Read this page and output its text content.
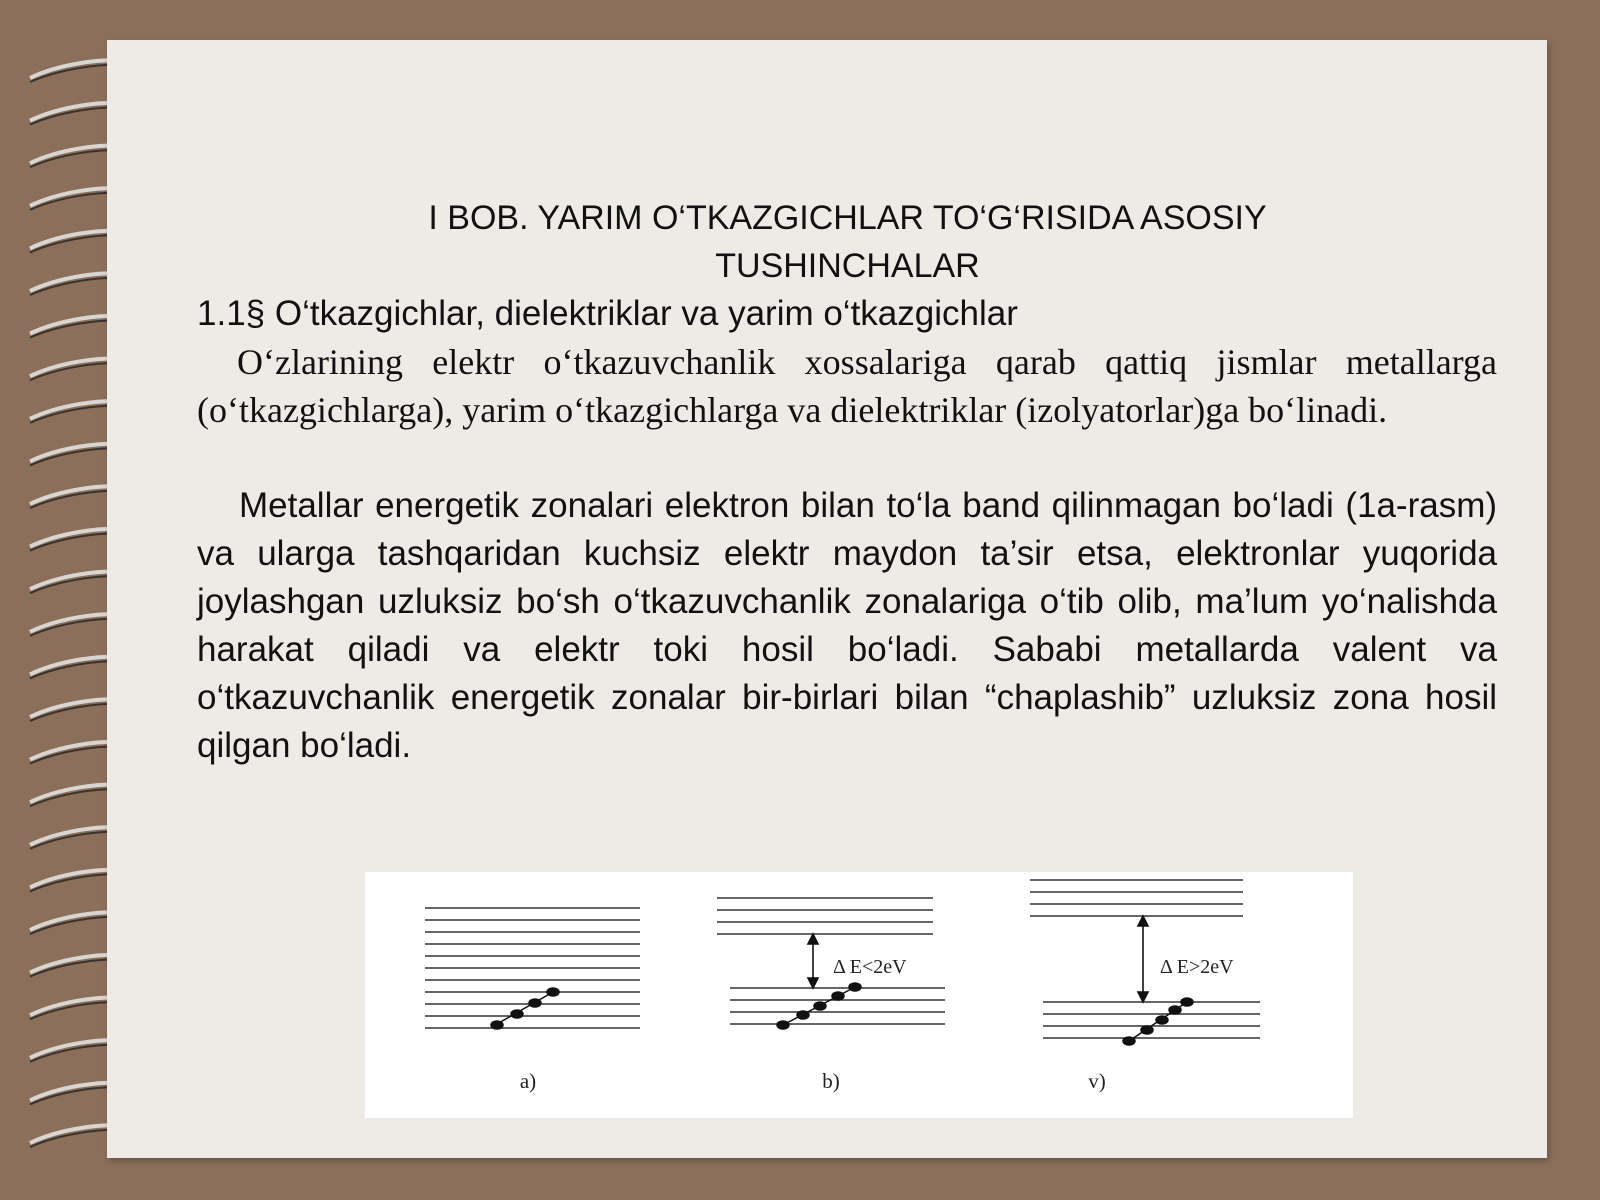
I BOB. YARIM O‘TKAZGICHLAR TO‘G‘RISIDA ASOSIY TUSHINCHALAR
1.1§ O‘tkazgichlar, dielektriklar va yarim o‘tkazgichlar

O‘zlarining elektr o‘tkazuvchanlik xossalariga qarab qattiq jismlar metallarga (o‘tkazgichlarga), yarim o‘tkazgichlarga va dielektriklar (izolyatorlar)ga bo‘linadi.

Metallar energetik zonalari elektron bilan to‘la band qilinmagan bo‘ladi (1a-rasm) va ularga tashqaridan kuchsiz elektr maydon ta’sir etsa, elektronlar yuqorida joylashgan uzluksiz bo‘sh o‘tkazuvchanlik zonalariga o‘tib olib, ma’lum yo‘nalishda harakat qiladi va elektr toki hosil bo‘ladi. Sababi metallarda valent va o‘tkazuvchanlik energetik zonalar bir-birlari bilan “chaplashib” uzluksiz zona hosil qilgan bo‘ladi.

a)
Δ E<2eV
b)
Δ E>2eV
v)
